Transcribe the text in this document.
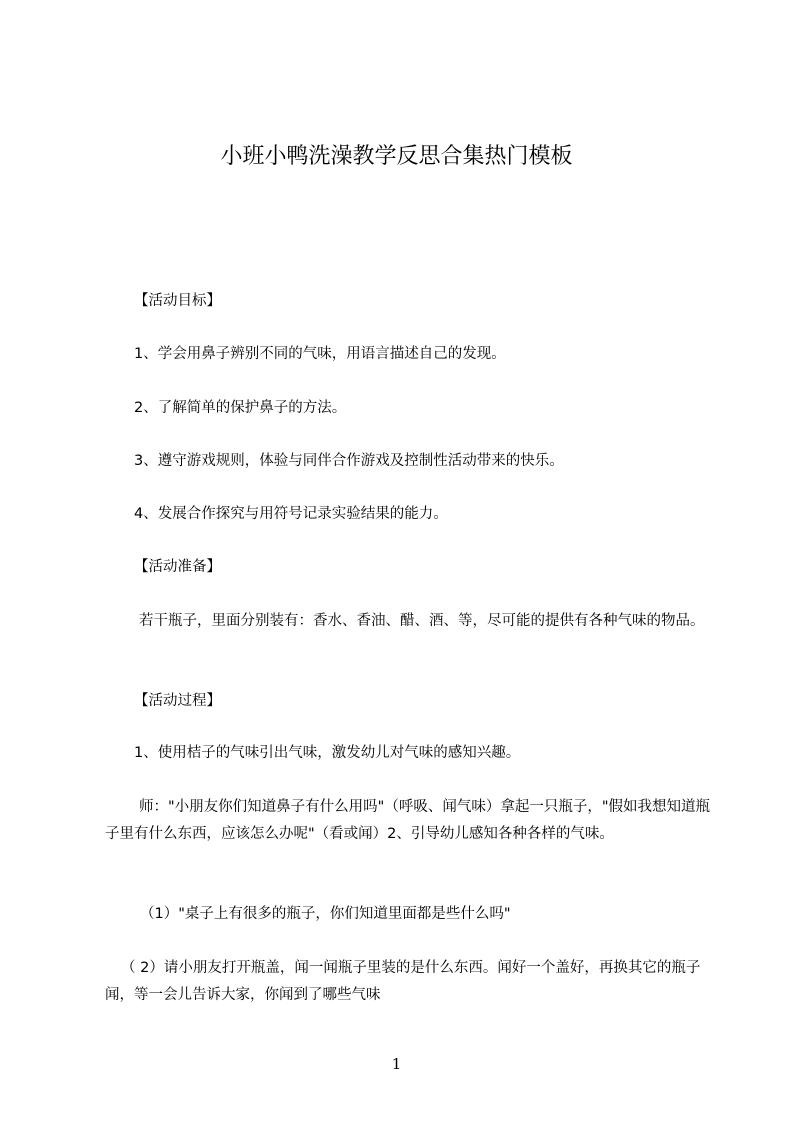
小班小鸭洗澡教学反思合集热门模板
【活动目标】
1、学会用鼻子辨别不同的气味，用语言描述自己的发现。
2、了解简单的保护鼻子的方法。
3、遵守游戏规则，体验与同伴合作游戏及控制性活动带来的快乐。
4、发展合作探究与用符号记录实验结果的能力。
【活动准备】
若干瓶子，里面分别装有：香水、香油、醋、酒、等，尽可能的提供有各种气味的物品。
【活动过程】
1、使用桔子的气味引出气味，激发幼儿对气味的感知兴趣。
师："小朋友你们知道鼻子有什么用吗"（呼吸、闻气味）拿起一只瓶子，"假如我想知道瓶子里有什么东西，应该怎么办呢"（看或闻）2、引导幼儿感知各种各样的气味。
（1）"桌子上有很多的瓶子，你们知道里面都是些什么吗"
（ 2）请小朋友打开瓶盖，闻一闻瓶子里装的是什么东西。闻好一个盖好，再换其它的瓶子闻，等一会儿告诉大家，你闻到了哪些气味
1
